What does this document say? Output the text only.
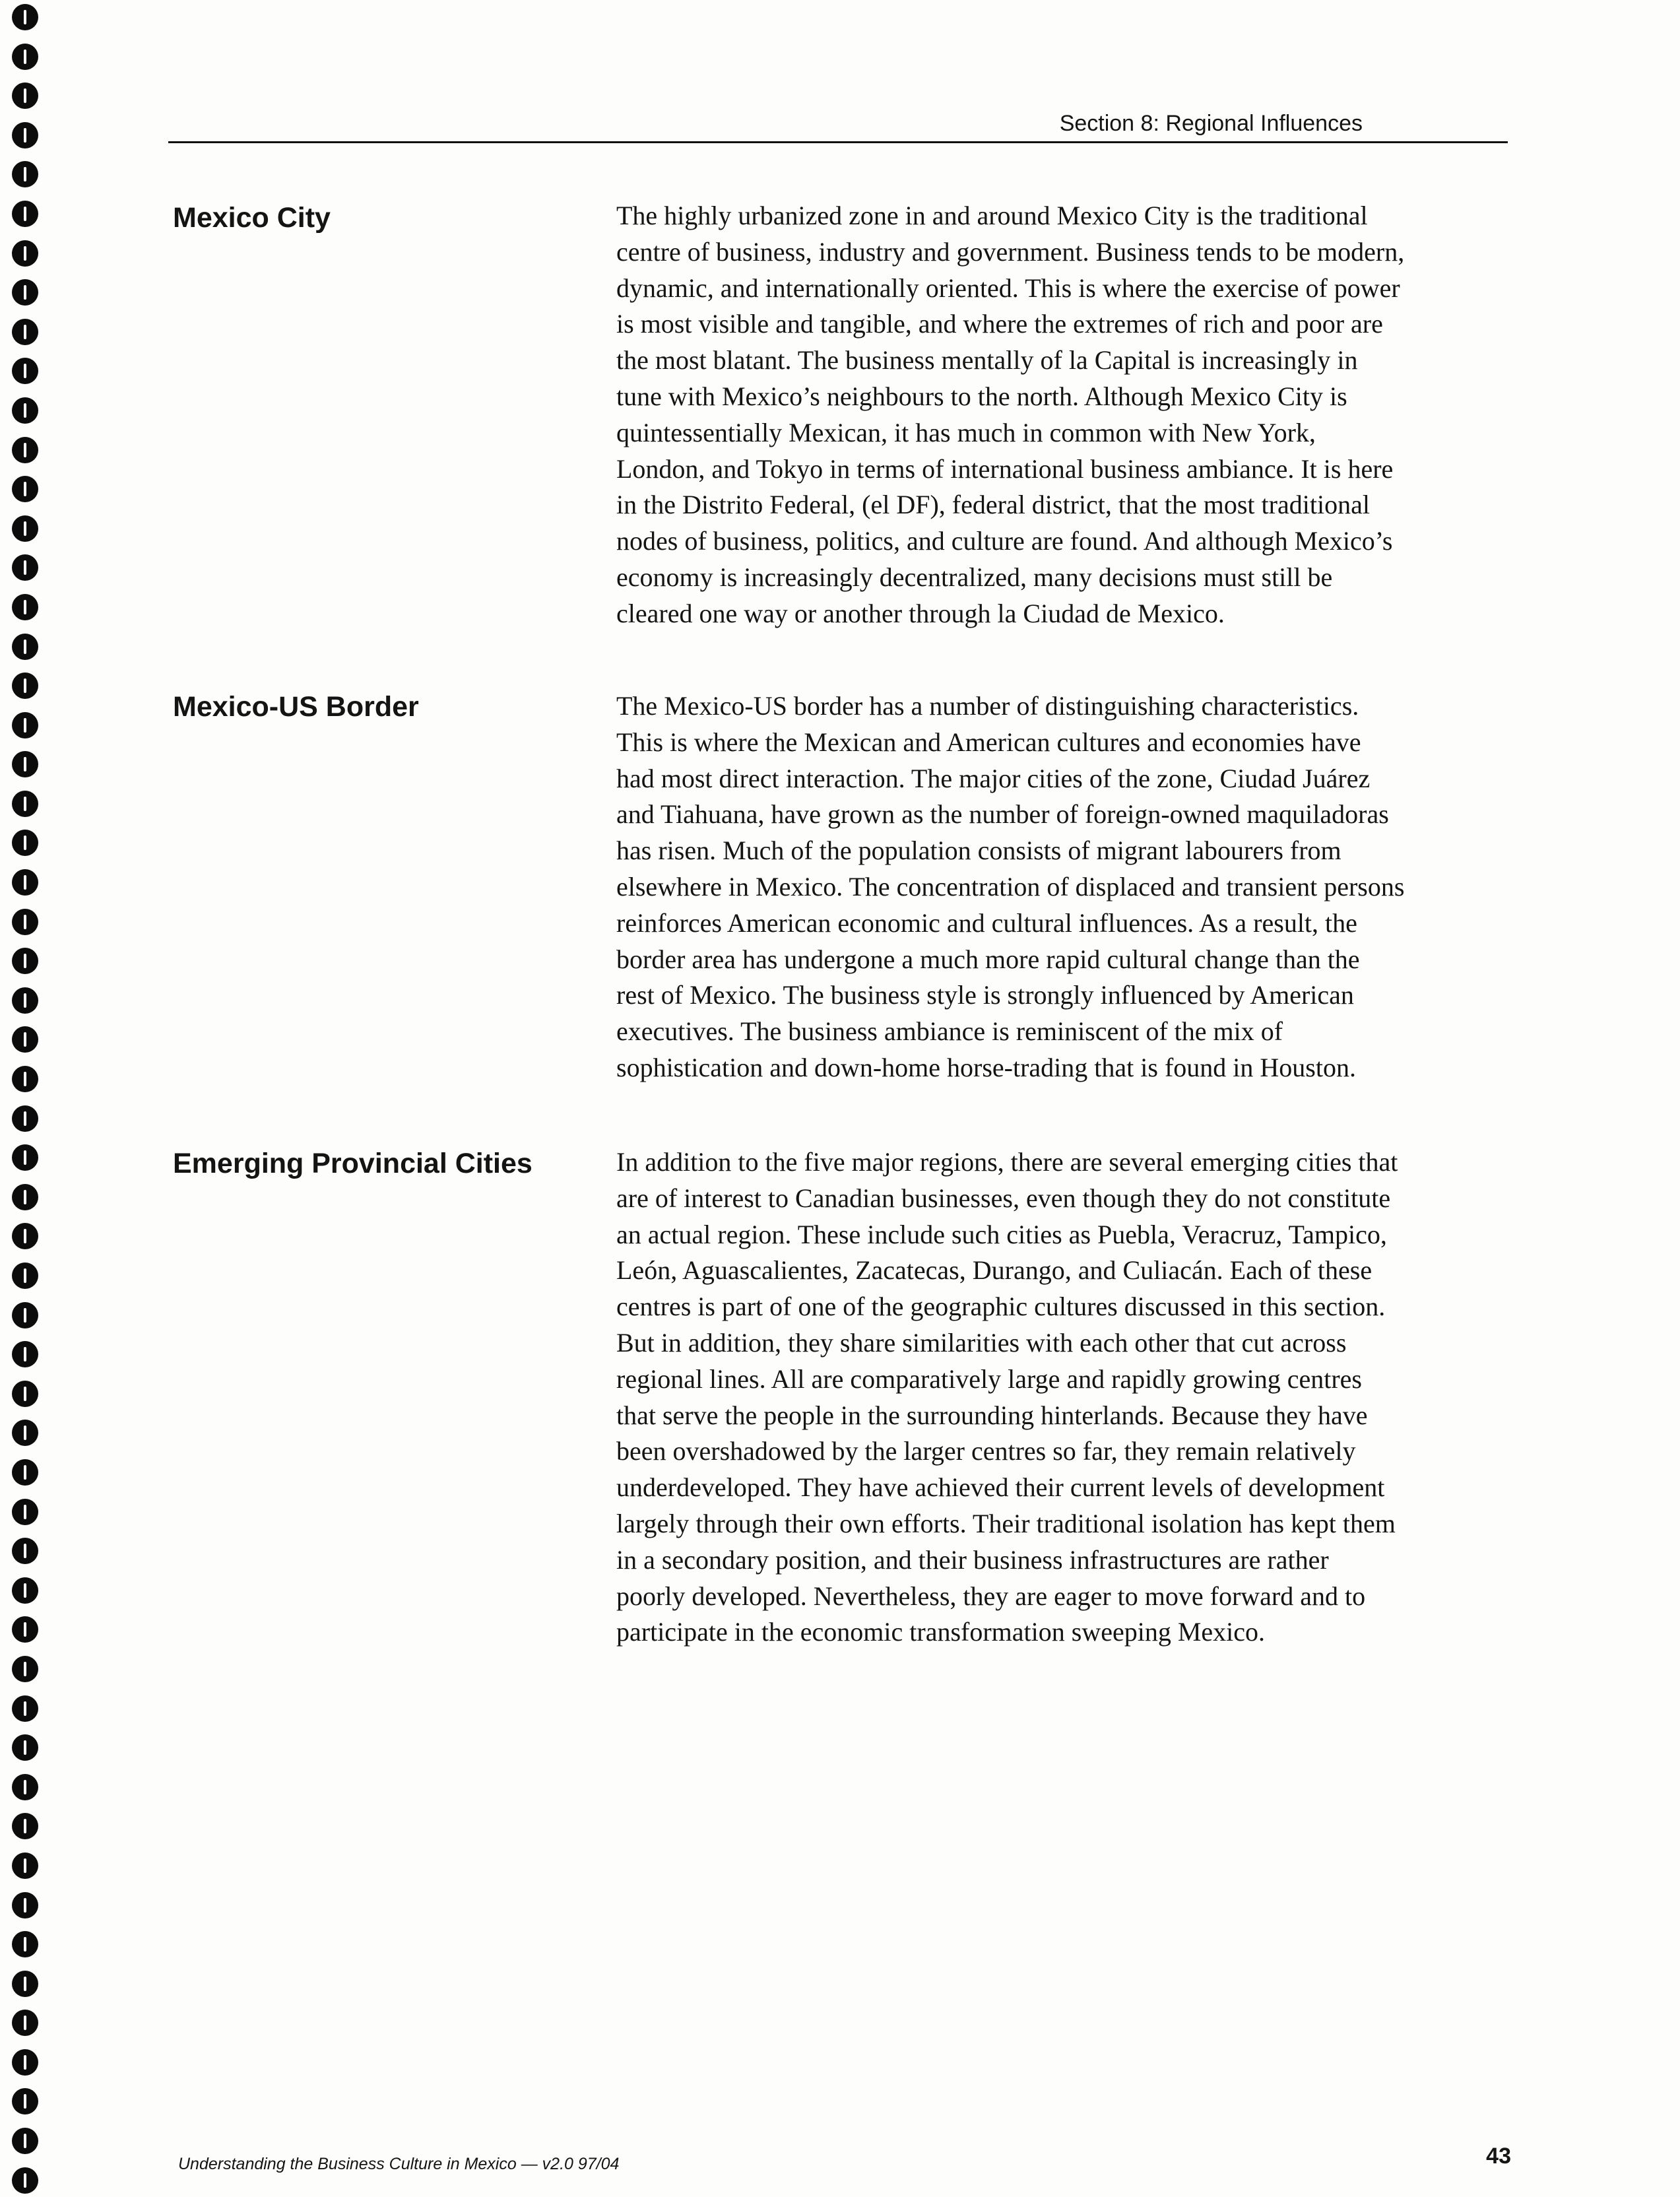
Section 8: Regional Influences
Mexico City	The highly urbanized zone in and around Mexico City is the traditional
centre of business, industry and government. Business tends to be modern,
dynamic, and internationally oriented. This is where the exercise of power
is most visible and tangible, and where the extremes of rich and poor are
the most blatant. The business mentally of la Capital is increasingly in
tune with Mexico’s neighbours to the north. Although Mexico City is
quintessentially Mexican, it has much in common with New York,
London, and Tokyo in terms of international business ambiance. It is here
in the Distrito Federal, (el DF), federal district, that the most traditional
nodes of business, politics, and culture are found. And although Mexico’s
economy is increasingly decentralized, many decisions must still be
cleared one way or another through la Ciudad de Mexico.

Mexico-US Border	The Mexico-US border has a number of distinguishing characteristics.
This is where the Mexican and American cultures and economies have
had most direct interaction. The major cities of the zone, Ciudad Juárez
and Tiahuana, have grown as the number of foreign-owned maquiladoras
has risen. Much of the population consists of migrant labourers from
elsewhere in Mexico. The concentration of displaced and transient persons
reinforces American economic and cultural influences. As a result, the
border area has undergone a much more rapid cultural change than the
rest of Mexico. The business style is strongly influenced by American
executives. The business ambiance is reminiscent of the mix of
sophistication and down-home horse-trading that is found in Houston.

Emerging Provincial Cities	In addition to the five major regions, there are several emerging cities that
are of interest to Canadian businesses, even though they do not constitute
an actual region. These include such cities as Puebla, Veracruz, Tampico,
León, Aguascalientes, Zacatecas, Durango, and Culiacán. Each of these
centres is part of one of the geographic cultures discussed in this section.
But in addition, they share similarities with each other that cut across
regional lines. All are comparatively large and rapidly growing centres
that serve the people in the surrounding hinterlands. Because they have
been overshadowed by the larger centres so far, they remain relatively
underdeveloped. They have achieved their current levels of development
largely through their own efforts. Their traditional isolation has kept them
in a secondary position, and their business infrastructures are rather
poorly developed. Nevertheless, they are eager to move forward and to
participate in the economic transformation sweeping Mexico.

Understanding the Business Culture in Mexico — v2.0 97/04	43
